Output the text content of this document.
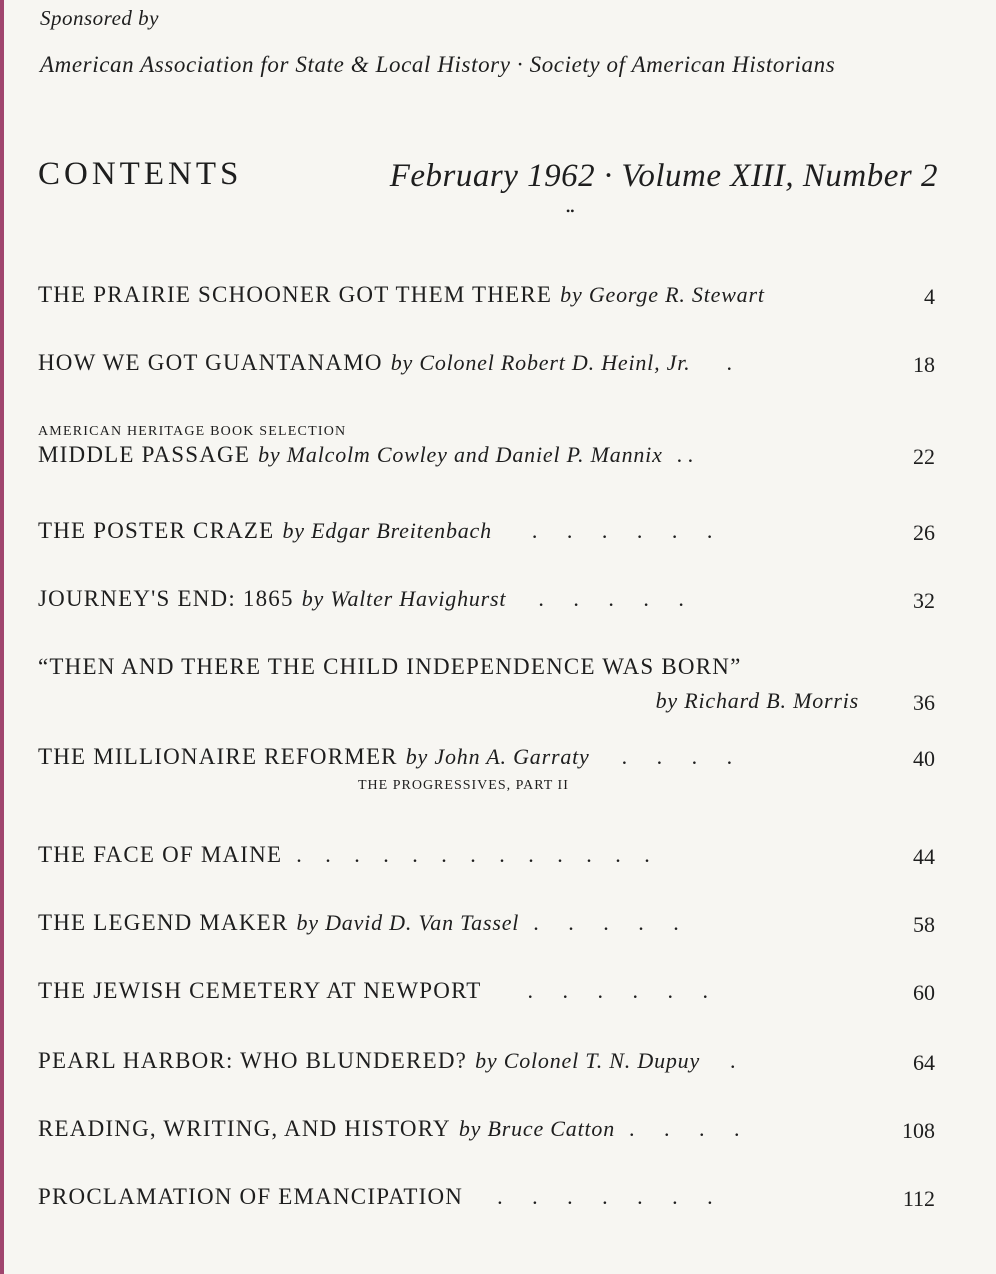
Sponsored by
American Association for State & Local History · Society of American Historians
CONTENTS	February 1962 · Volume XIII, Number 2
••
THE PRAIRIE SCHOONER GOT THEM THERE by George R. Stewart	4
HOW WE GOT GUANTANAMO by Colonel Robert D. Heinl, Jr. .	18
AMERICAN HERITAGE BOOK SELECTION
MIDDLE PASSAGE by Malcolm Cowley and Daniel P. Mannix . .	22
THE POSTER CRAZE by Edgar Breitenbach . . . . . .	26
JOURNEY'S END: 1865 by Walter Havighurst . . . . .	32
“THEN AND THERE THE CHILD INDEPENDENCE WAS BORN”
by Richard B. Morris 36
THE MILLIONAIRE REFORMER by John A. Garraty . . . .	40
THE PROGRESSIVES, PART II
THE FACE OF MAINE . . . . . . . . . . . . .	44
THE LEGEND MAKER by David D. Van Tassel . . . . .	58
THE JEWISH CEMETERY AT NEWPORT . . . . . .	60
PEARL HARBOR: WHO BLUNDERED? by Colonel T. N. Dupuy .	64
READING, WRITING, AND HISTORY by Bruce Catton . . . .	108
PROCLAMATION OF EMANCIPATION . . . . . . .	112
